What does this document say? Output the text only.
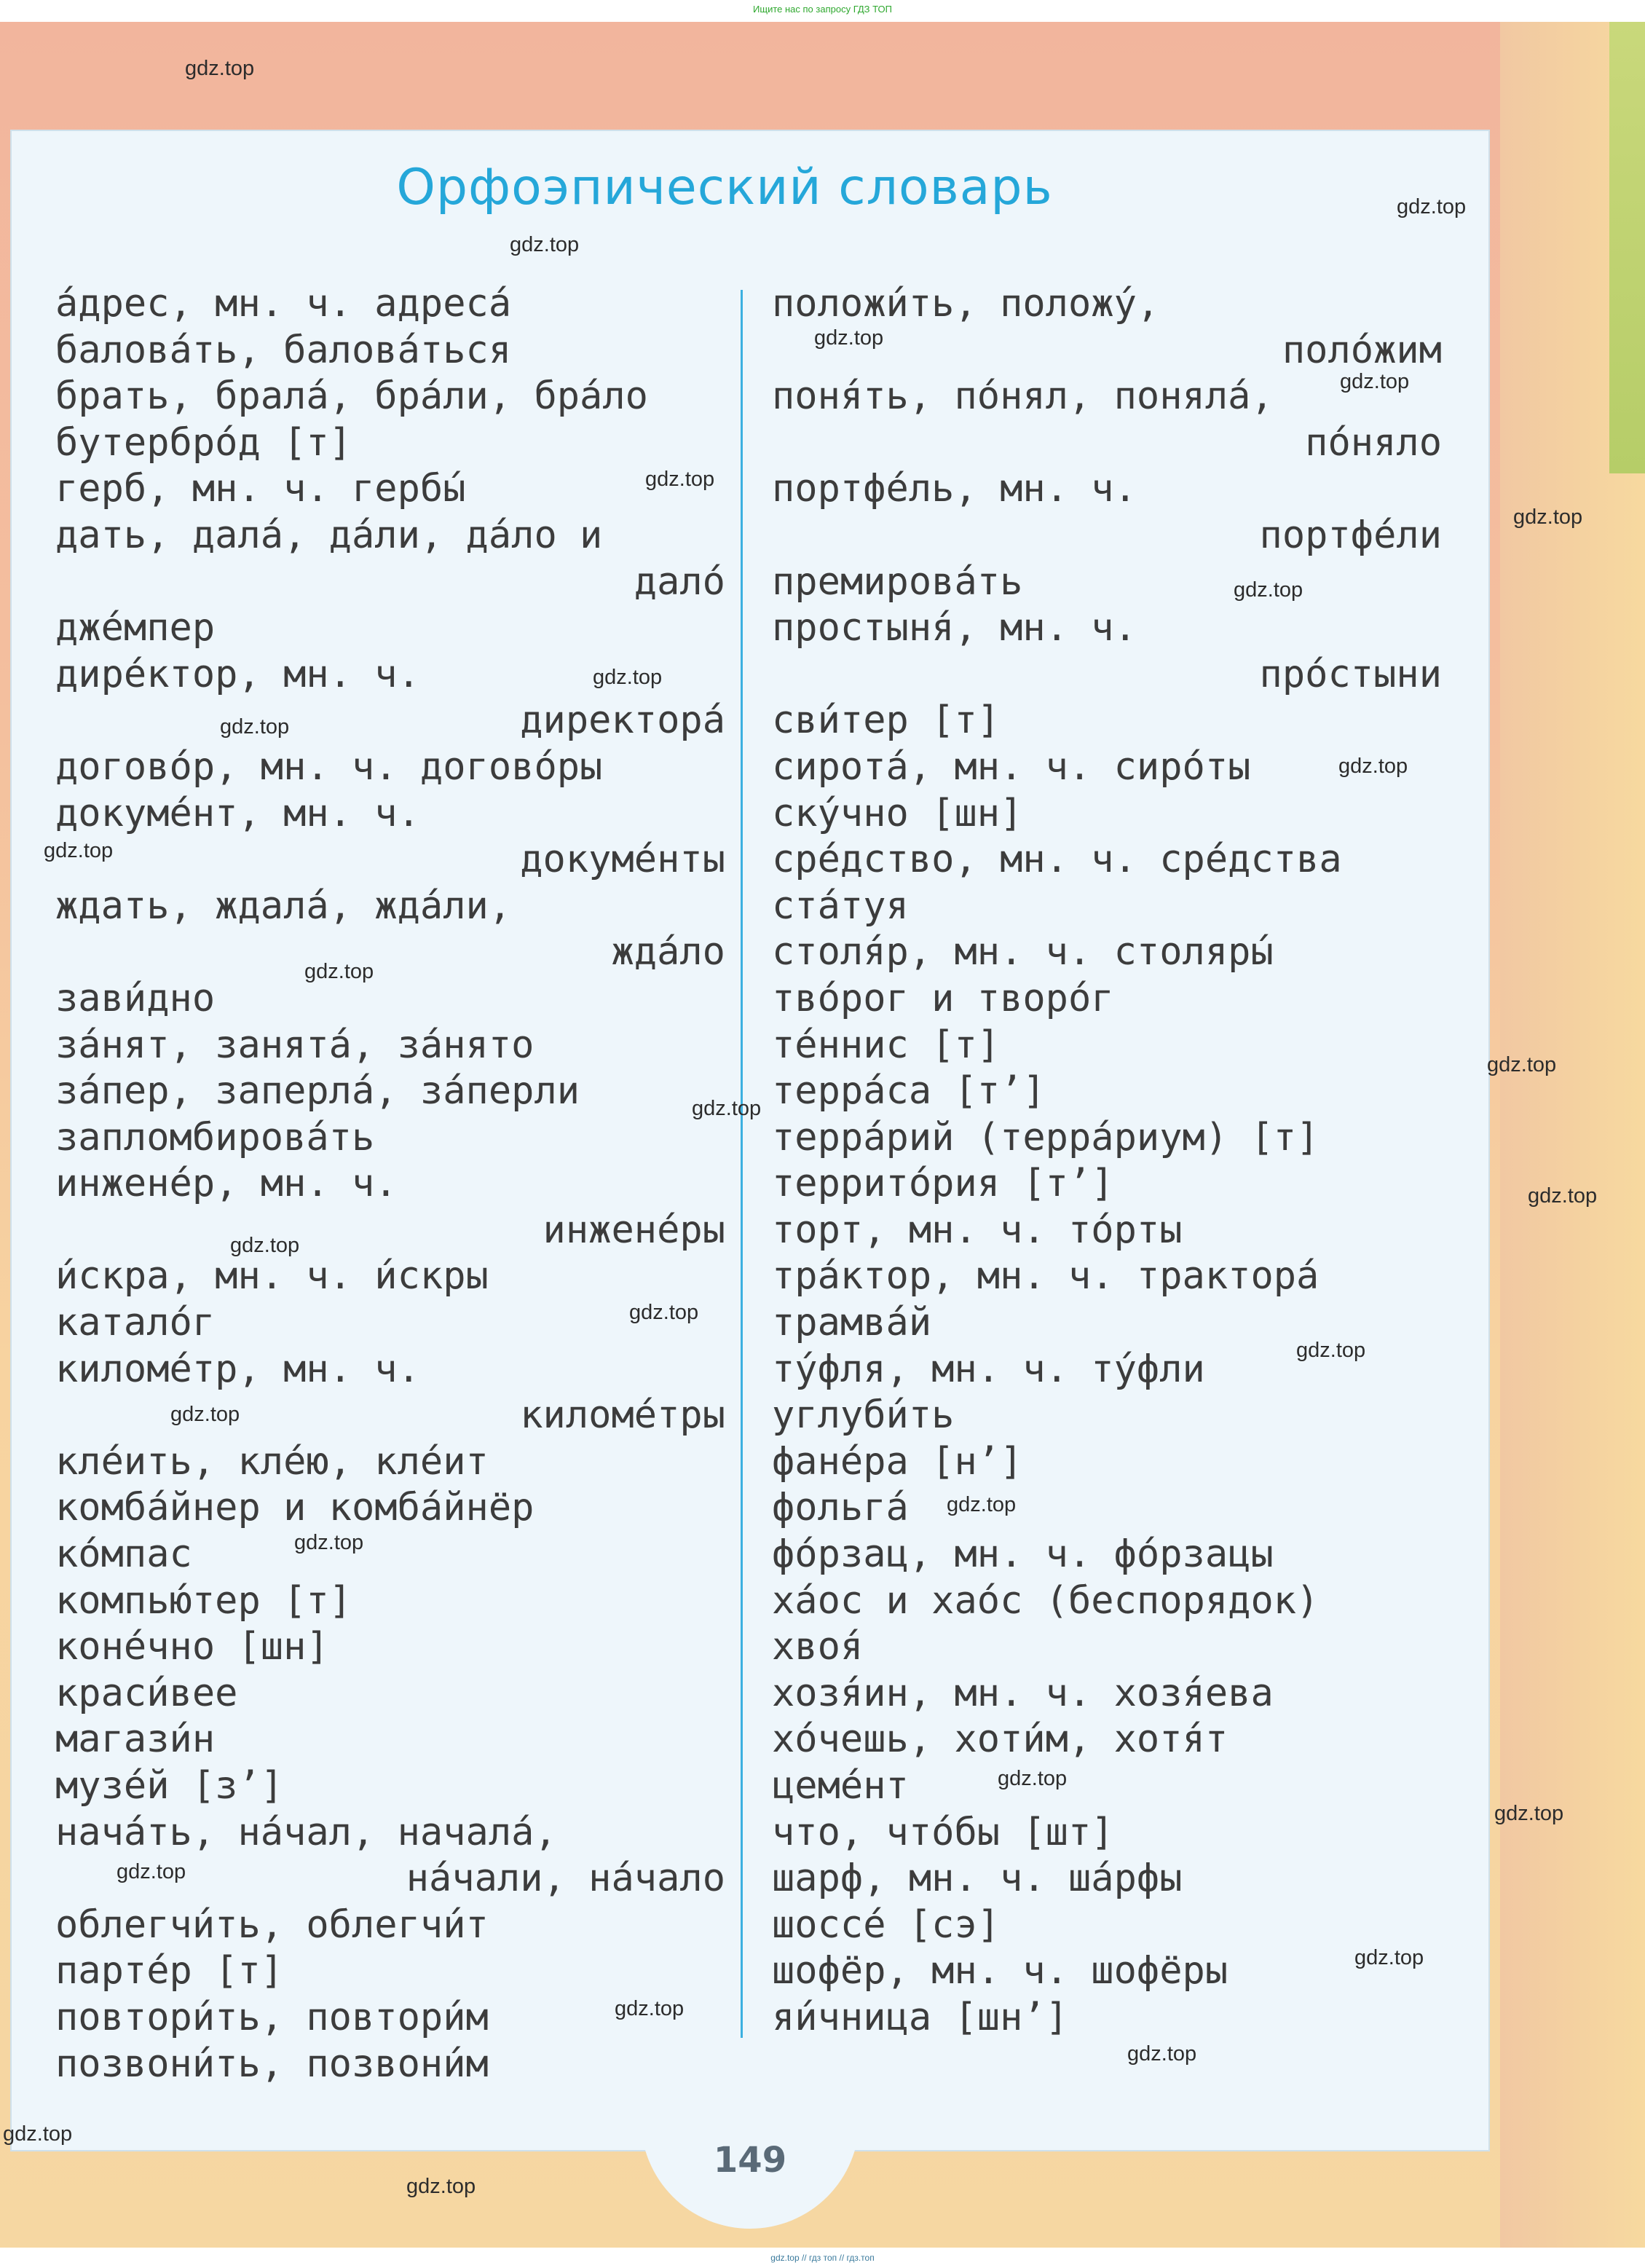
Ищите нас по запросу ГДЗ ТОП
149
Орфоэпический словарь
а́дрес, мн. ч. адреса́
балова́ть, балова́ться
брать, брала́, бра́ли, бра́ло
бутербро́д [т]
герб, мн. ч. гербы́
дать, дала́, да́ли, да́ло и
дало́
дже́мпер
дире́ктор, мн. ч.
директора́
догово́р, мн. ч. догово́ры
докуме́нт, мн. ч.
докуме́нты
ждать, ждала́, жда́ли,
жда́ло
зави́дно
за́нят, занята́, за́нято
за́пер, заперла́, за́перли
запломбирова́ть
инжене́р, мн. ч.
инжене́ры
и́скра, мн. ч. и́скры
катало́г
киломе́тр, мн. ч.
киломе́тры
кле́ить, кле́ю, кле́ит
комба́йнер и комба́йнёр
ко́мпас
компью́тер [т]
коне́чно [шн]
краси́вее
магази́н
музе́й [з’]
нача́ть, на́чал, начала́,
на́чали, на́чало
облегчи́ть, облегчи́т
парте́р [т]
повтори́ть, повтори́м
позвони́ть, позвони́м
положи́ть, положу́,
поло́жим
поня́ть, по́нял, поняла́,
по́няло
портфе́ль, мн. ч.
портфе́ли
премирова́ть
простыня́, мн. ч.
про́стыни
сви́тер [т]
сирота́, мн. ч. сиро́ты
ску́чно [шн]
сре́дство, мн. ч. сре́дства
ста́туя
столя́р, мн. ч. столяры́
тво́рог и творо́г
те́ннис [т]
терра́са [т’]
терра́рий (терра́риум) [т]
террито́рия [т’]
торт, мн. ч. то́рты
тра́ктор, мн. ч. трактора́
трамва́й
ту́фля, мн. ч. ту́фли
углуби́ть
фане́ра [н’]
фольга́
фо́рзац, мн. ч. фо́рзацы
ха́ос и хао́с (беспорядок)
хвоя́
хозя́ин, мн. ч. хозя́ева
хо́чешь, хоти́м, хотя́т
цеме́нт
что, что́бы [шт]
шарф, мн. ч. ша́рфы
шоссе́ [сэ]
шофёр, мн. ч. шофёры
яи́чница [шн’]
gdz.top
gdz.top
gdz.top
gdz.top
gdz.top
gdz.top
gdz.top
gdz.top
gdz.top
gdz.top
gdz.top
gdz.top
gdz.top
gdz.top
gdz.top
gdz.top
gdz.top
gdz.top
gdz.top
gdz.top
gdz.top
gdz.top
gdz.top
gdz.top
gdz.top
gdz.top
gdz.top
gdz.top
gdz.top
gdz.top
gdz.top // гдз топ // гдз.топ
